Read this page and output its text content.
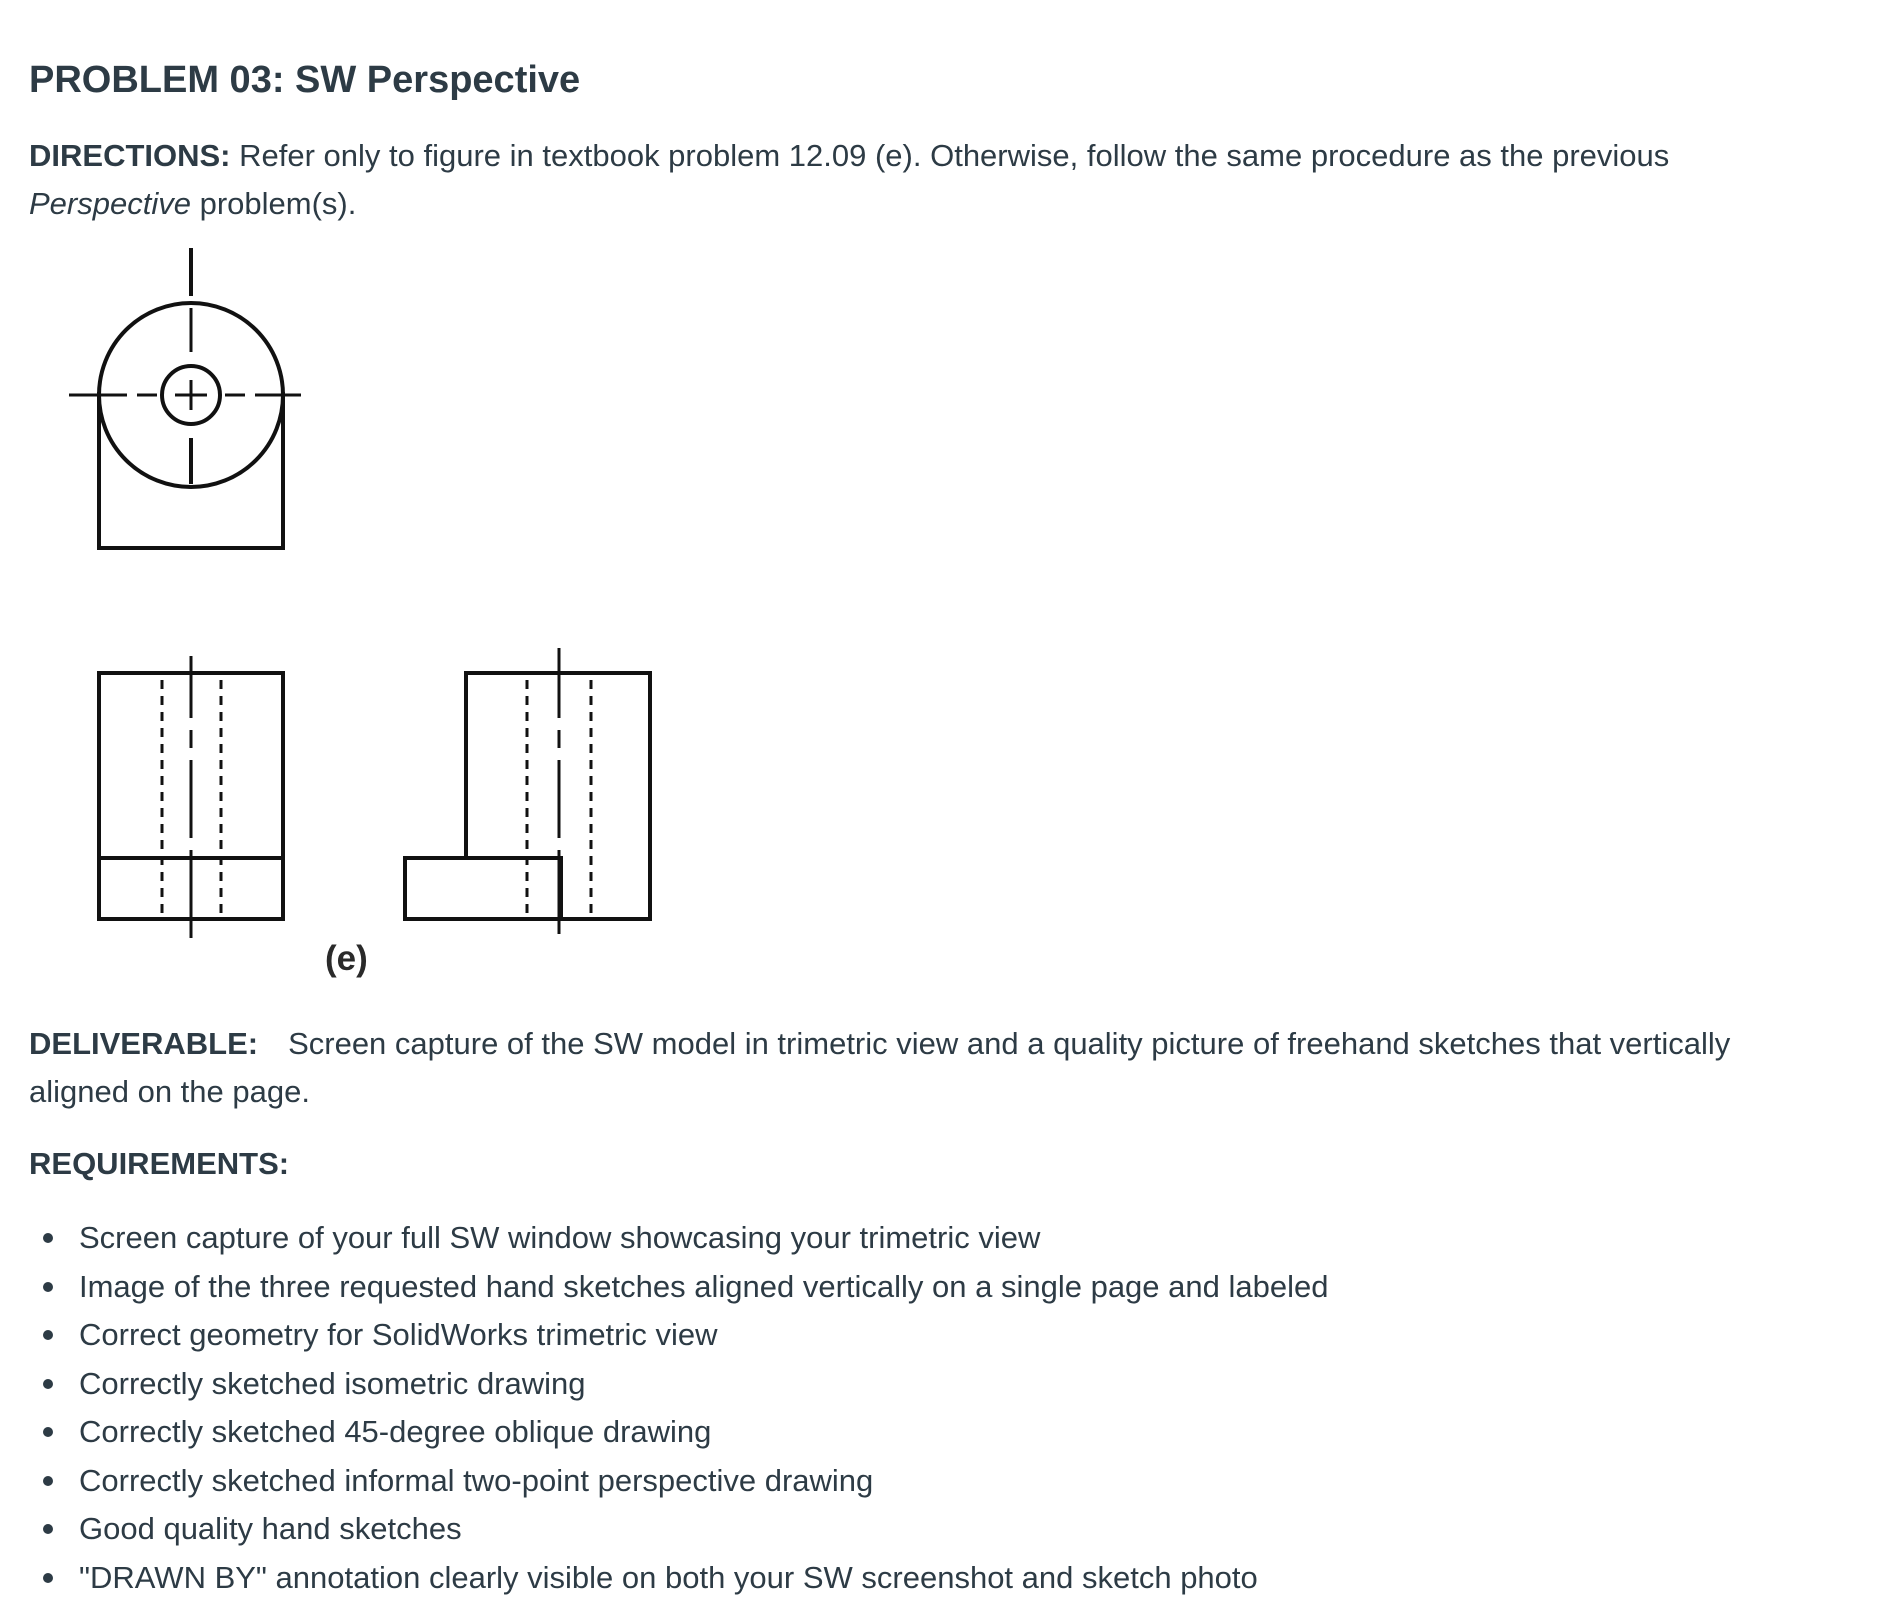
PROBLEM 03: SW Perspective

DIRECTIONS: Refer only to figure in textbook problem 12.09 (e). Otherwise, follow the same procedure as the previous Perspective problem(s).

(e)

DELIVERABLE: Screen capture of the SW model in trimetric view and a quality picture of freehand sketches that vertically aligned on the page.

REQUIREMENTS:

Screen capture of your full SW window showcasing your trimetric view
Image of the three requested hand sketches aligned vertically on a single page and labeled
Correct geometry for SolidWorks trimetric view
Correctly sketched isometric drawing
Correctly sketched 45-degree oblique drawing
Correctly sketched informal two-point perspective drawing
Good quality hand sketches
"DRAWN BY" annotation clearly visible on both your SW screenshot and sketch photo
